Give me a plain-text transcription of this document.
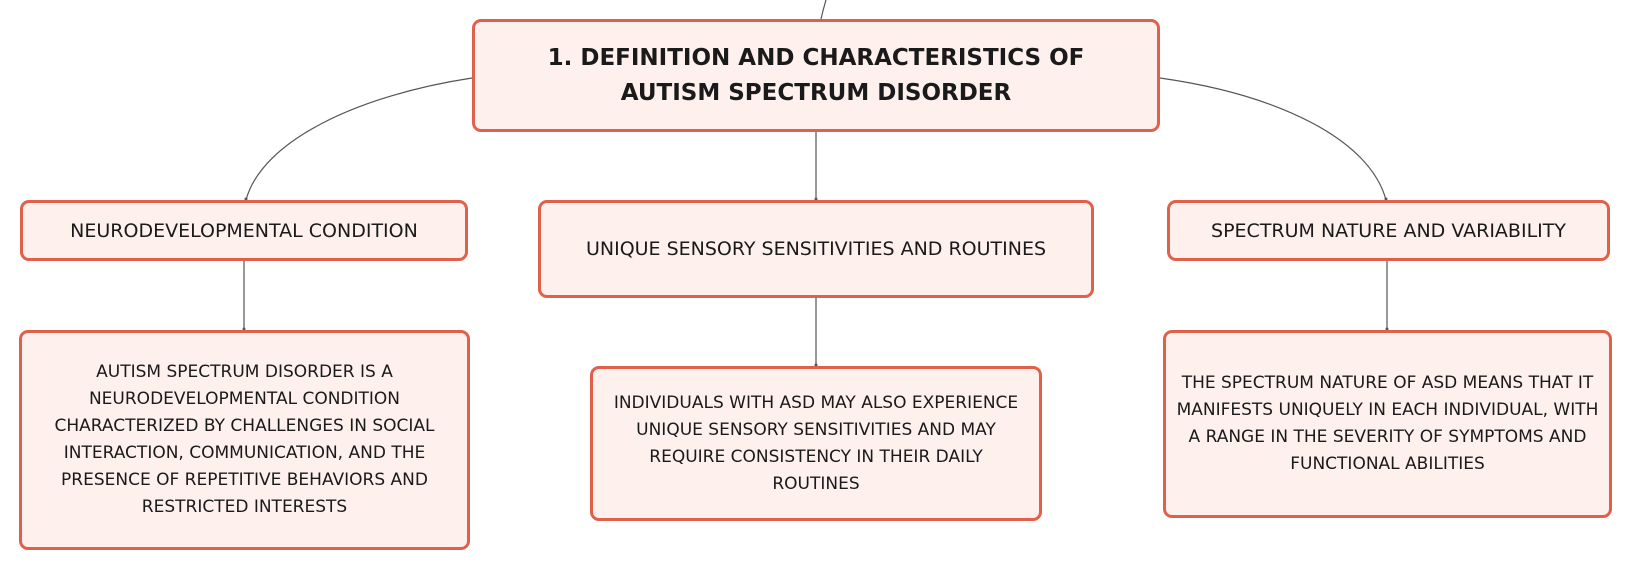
1. DEFINITION AND CHARACTERISTICS OF AUTISM SPECTRUM DISORDER
NEURODEVELOPMENTAL CONDITION
UNIQUE SENSORY SENSITIVITIES AND ROUTINES
SPECTRUM NATURE AND VARIABILITY
AUTISM SPECTRUM DISORDER IS A NEURODEVELOPMENTAL CONDITION CHARACTERIZED BY CHALLENGES IN SOCIAL INTERACTION, COMMUNICATION, AND THE PRESENCE OF REPETITIVE BEHAVIORS AND RESTRICTED INTERESTS
INDIVIDUALS WITH ASD MAY ALSO EXPERIENCE UNIQUE SENSORY SENSITIVITIES AND MAY REQUIRE CONSISTENCY IN THEIR DAILY ROUTINES
THE SPECTRUM NATURE OF ASD MEANS THAT IT MANIFESTS UNIQUELY IN EACH INDIVIDUAL, WITH A RANGE IN THE SEVERITY OF SYMPTOMS AND FUNCTIONAL ABILITIES
